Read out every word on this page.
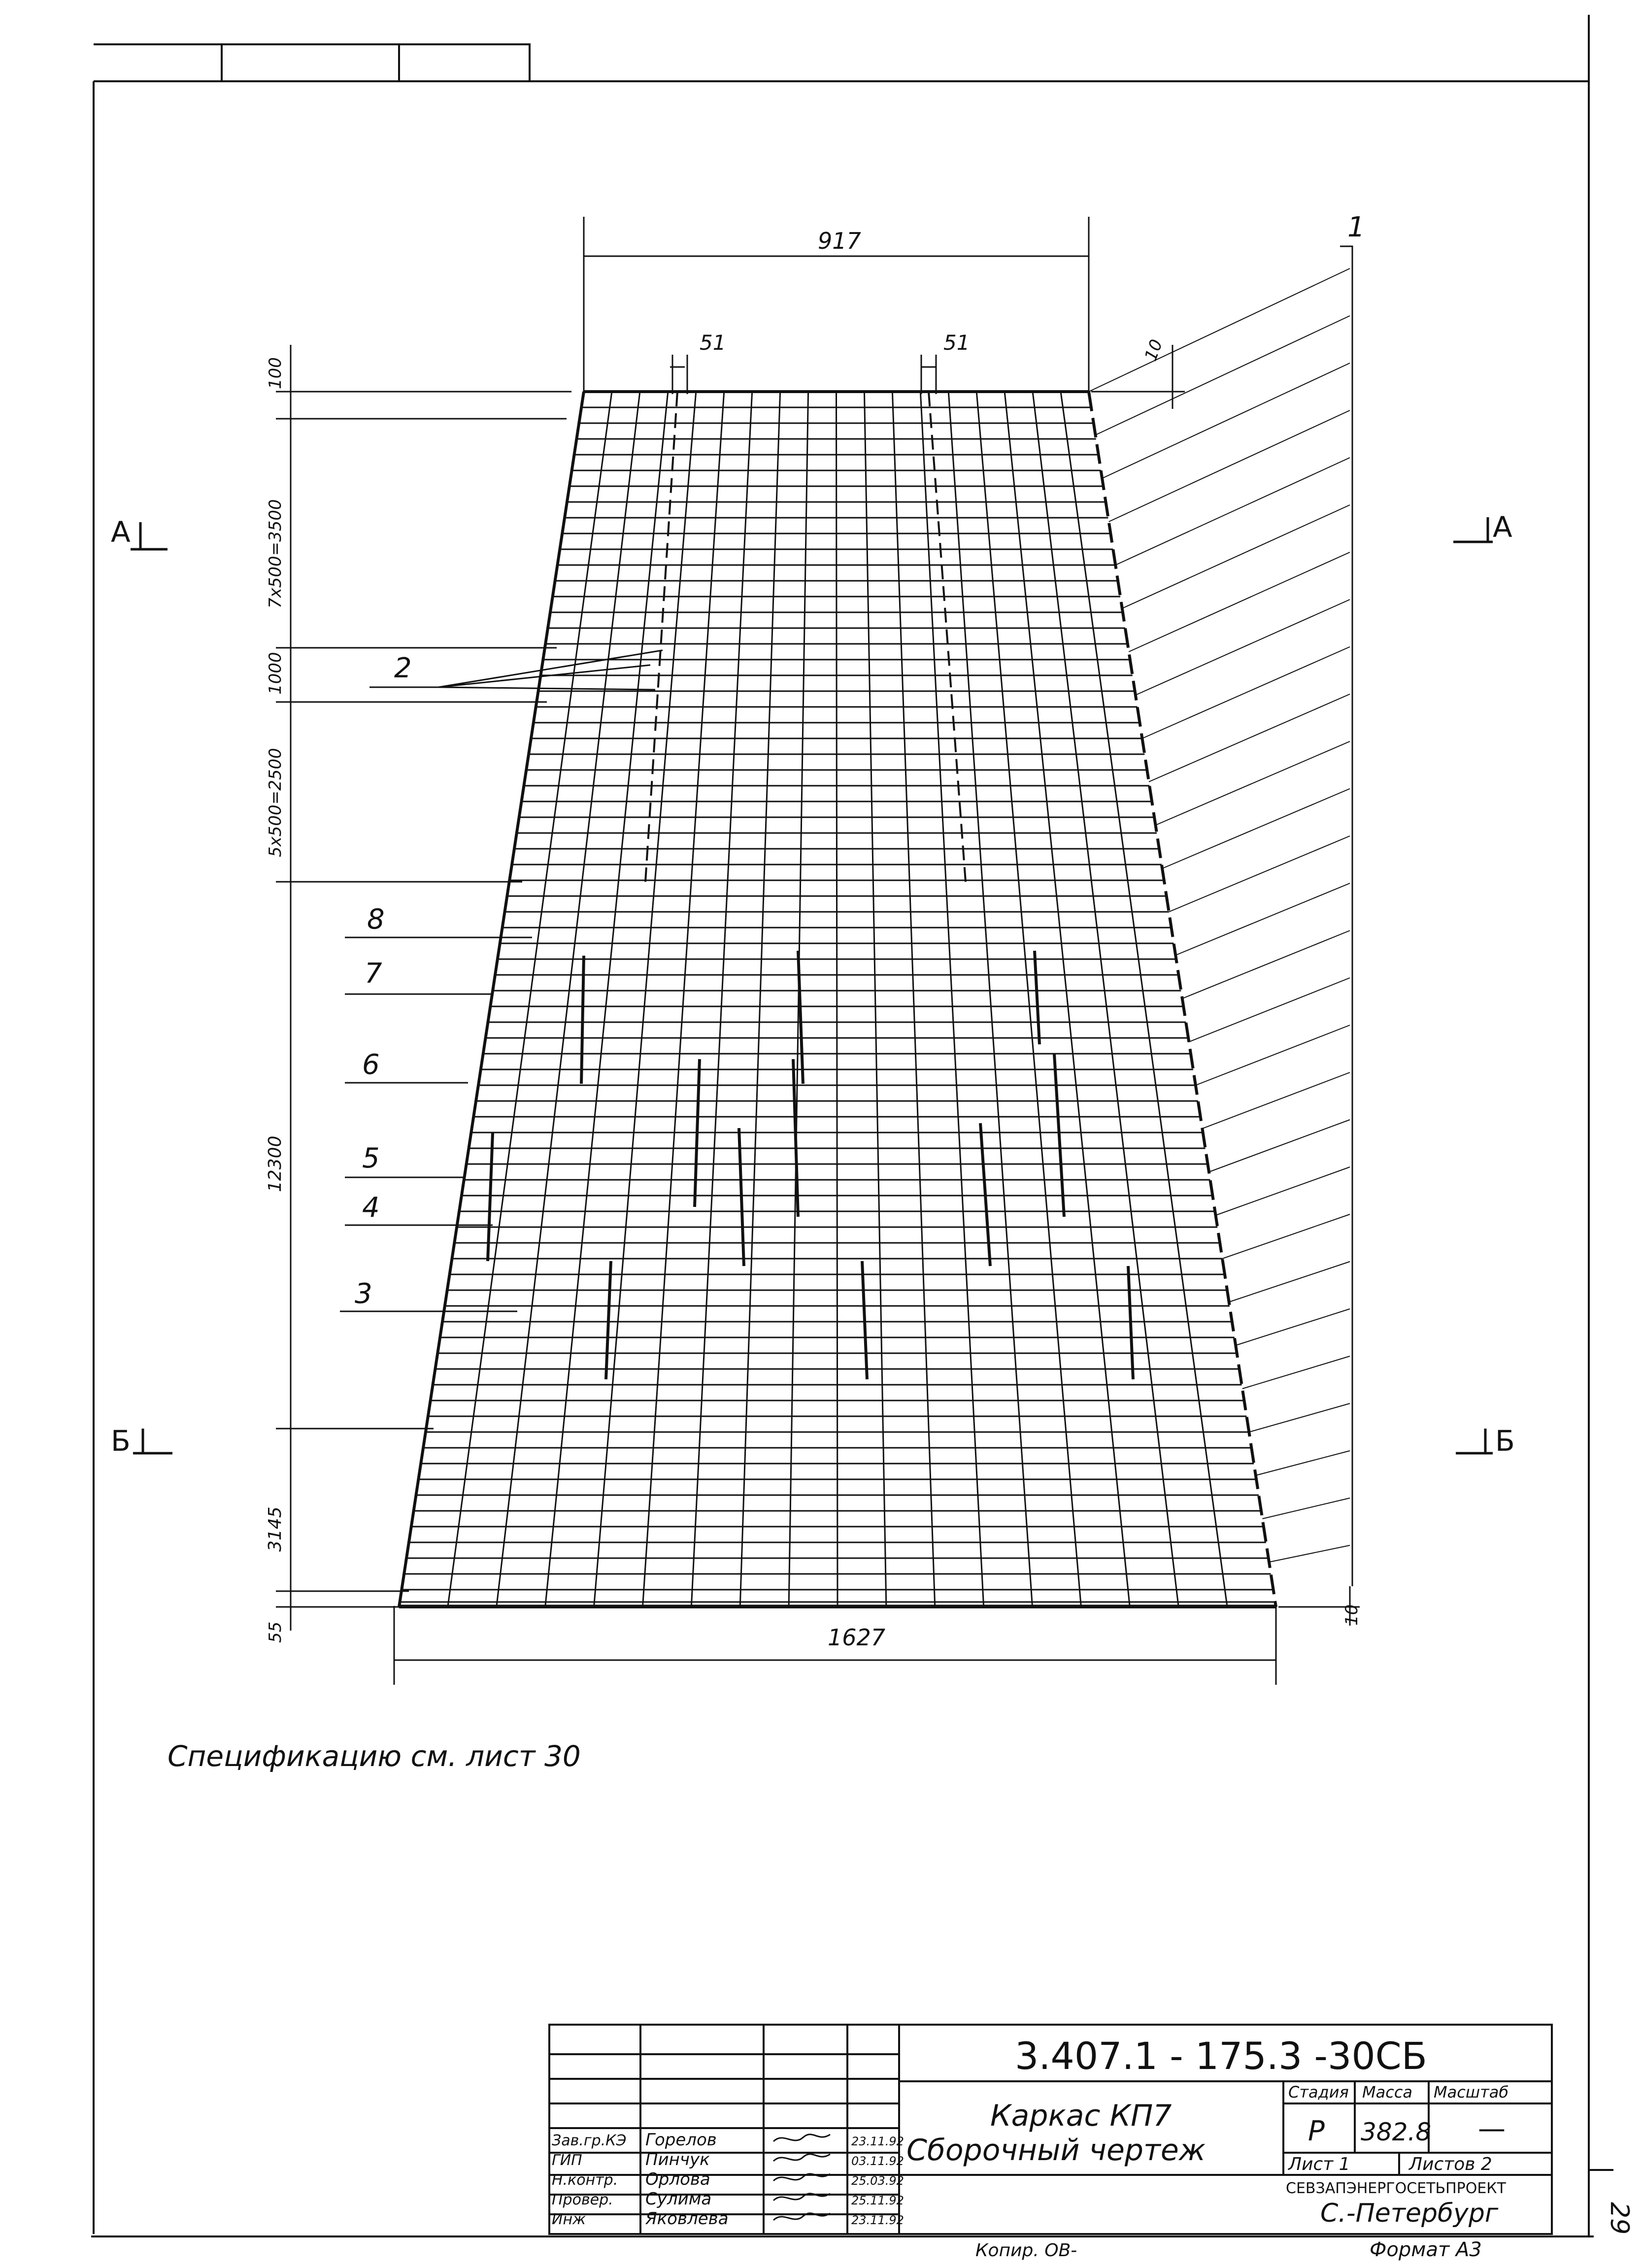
917
1627
51	51	10
10
100
7x500=3500
1000
5x500=2500
12300
3145
55
1
2
3
4
5
6
7
8
A	A
Б	Б
Спецификацию см. лист 30
3.407.1 - 175.3 -30СБ
Каркас КП7
Сборочный чертеж
Стадия Масса Масштаб
Р 382.8 —
Лист 1	Листов 2
СЕВЗАПЭНЕРГОСЕТЬПРОЕКТ
С.-Петербург
Зав.гр.КЭ Горелов	23.11.92
ГИП	Пинчук	03.11.92
Н.контр. Орлова	25.03.92
Провер. Сулима	25.11.92
Инж	Яковлева	23.11.92
Копир. ОВ-	Формат А3
29
